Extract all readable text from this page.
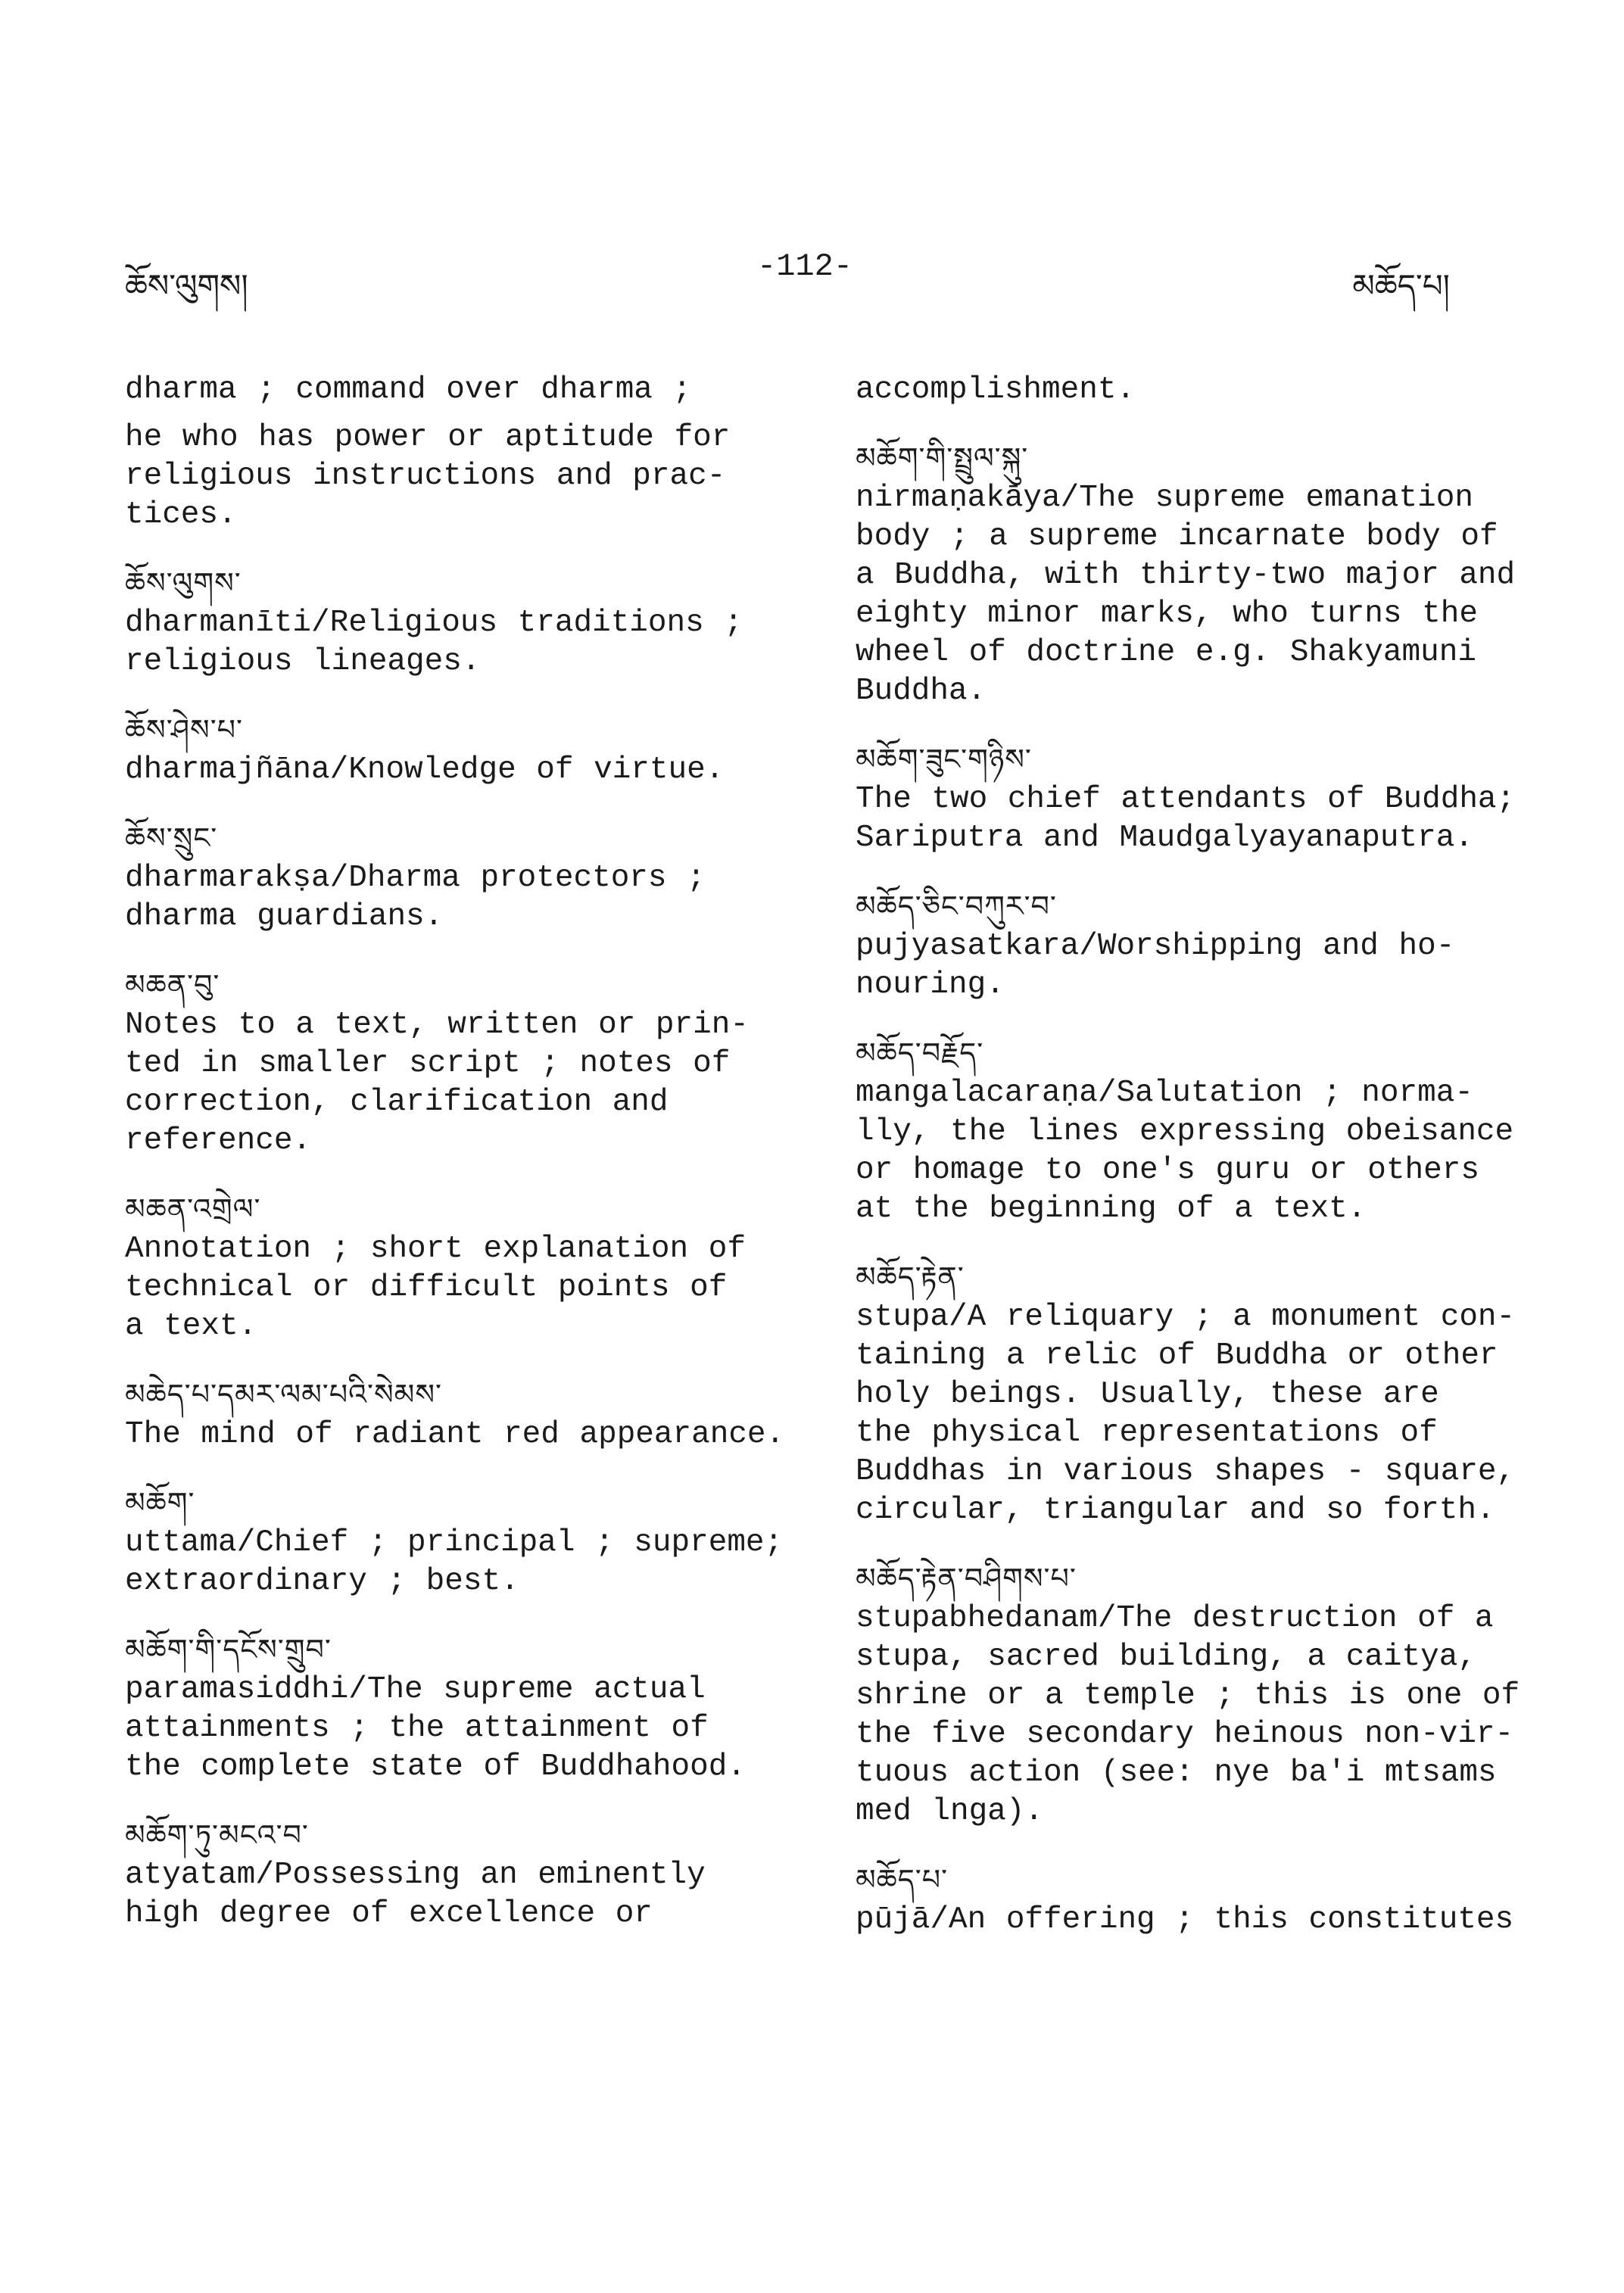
ཆོས་ལུགས།
-112-
མཆོད་པ།
dharma ; command over dharma ;
he who has power or aptitude for
religious instructions and prac-
tices.
ཆོས་ལུགས་
dharmanīti/Religious traditions ;
religious lineages.
ཆོས་ཤེས་པ་
dharmajñāna/Knowledge of virtue.
ཆོས་སྲུང་
dharmarakṣa/Dharma protectors ;
dharma guardians.
མཆན་བུ་
Notes to a text, written or prin-
ted in smaller script ; notes of
correction, clarification and
reference.
མཆན་འགྲེལ་
Annotation ; short explanation of
technical or difficult points of
a text.
མཆེད་པ་དམར་ལམ་པའི་སེམས་
The mind of radiant red appearance.
མཆོག་
uttama/Chief ; principal ; supreme;
extraordinary ; best.
མཆོག་གི་དངོས་གྲུབ་
paramasiddhi/The supreme actual
attainments ; the attainment of
the complete state of Buddhahood.
མཆོག་ཏུ་མངའ་བ་
atyatam/Possessing an eminently
high degree of excellence or
accomplishment.
མཆོག་གི་སྤྲུལ་སྐུ་
nirmaṇakāya/The supreme emanation
body ; a supreme incarnate body of
a Buddha, with thirty-two major and
eighty minor marks, who turns the
wheel of doctrine e.g. Shakyamuni
Buddha.
མཆོག་ཟུང་གཉིས་
The two chief attendants of Buddha;
Sariputra and Maudgalyayanaputra.
མཆོད་ཅིང་བཀུར་བ་
pujyasatkara/Worshipping and ho-
nouring.
མཆོད་བརྗོད་
mangalacaraṇa/Salutation ; norma-
lly, the lines expressing obeisance
or homage to one's guru or others
at the beginning of a text.
མཆོད་རྟེན་
stupa/A reliquary ; a monument con-
taining a relic of Buddha or other
holy beings. Usually, these are
the physical representations of
Buddhas in various shapes - square,
circular, triangular and so forth.
མཆོད་རྟེན་བཤིགས་པ་
stupabhedanam/The destruction of a
stupa, sacred building, a caitya,
shrine or a temple ; this is one of
the five secondary heinous non-vir-
tuous action (see: nye ba'i mtsams
med lnga).
མཆོད་པ་
pūjā/An offering ; this constitutes
